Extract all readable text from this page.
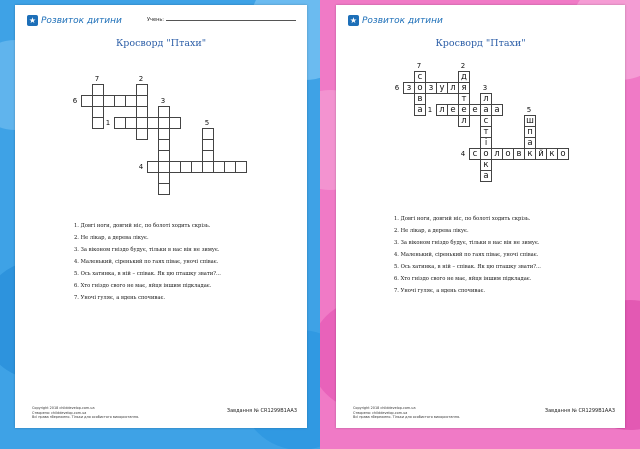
★ Розвиток дитини	Учень:
Кросворд "Птахи"
1
2
3
4
5
6
7
1. Довгі ноги, довгий ніс, по болоті ходить скрізь.
2. Не лікар, а дерева лікує.
3. За віконом гніздо будує, тільки в нас він не зимує.
4. Маленький, сіренький по гаях піває, уночі співає.
5. Ось хатинка, в ній – співак. Як цю пташку звати?...
6. Хто гніздо свого не має, яйця іншим підкладає.
7. Уночі гуляє, а вдень спочиває.
Copyright 2018 childdevelop.com.ua
Створено: childdevelop.com.ua
Всі права збережено. Тільки для особистого використання.
Завдання № CR1299B1AA3
★ Розвиток дитини
Кросворд "Птахи"
л е е е а а
д
я
т
л
л
с
т
і
о
к
а
с	л о в к й к о
ш
п
а
з о з у л
с
в
а 1
2
3
4
5
6
7
1. Довгі ноги, довгий ніс, по болоті ходить скрізь.
2. Не лікар, а дерева лікує.
3. За віконом гніздо будує, тільки в нас він не зимує.
4. Маленький, сіренький по гаях піває, уночі співає.
5. Ось хатинка, в ній – співак. Як цю пташку звати?...
6. Хто гніздо свого не має, яйця іншим підкладає.
7. Уночі гуляє, а вдень спочиває.
Copyright 2018 childdevelop.com.ua
Створено: childdevelop.com.ua
Всі права збережено. Тільки для особистого використання.
Завдання № CR1299B1AA3
